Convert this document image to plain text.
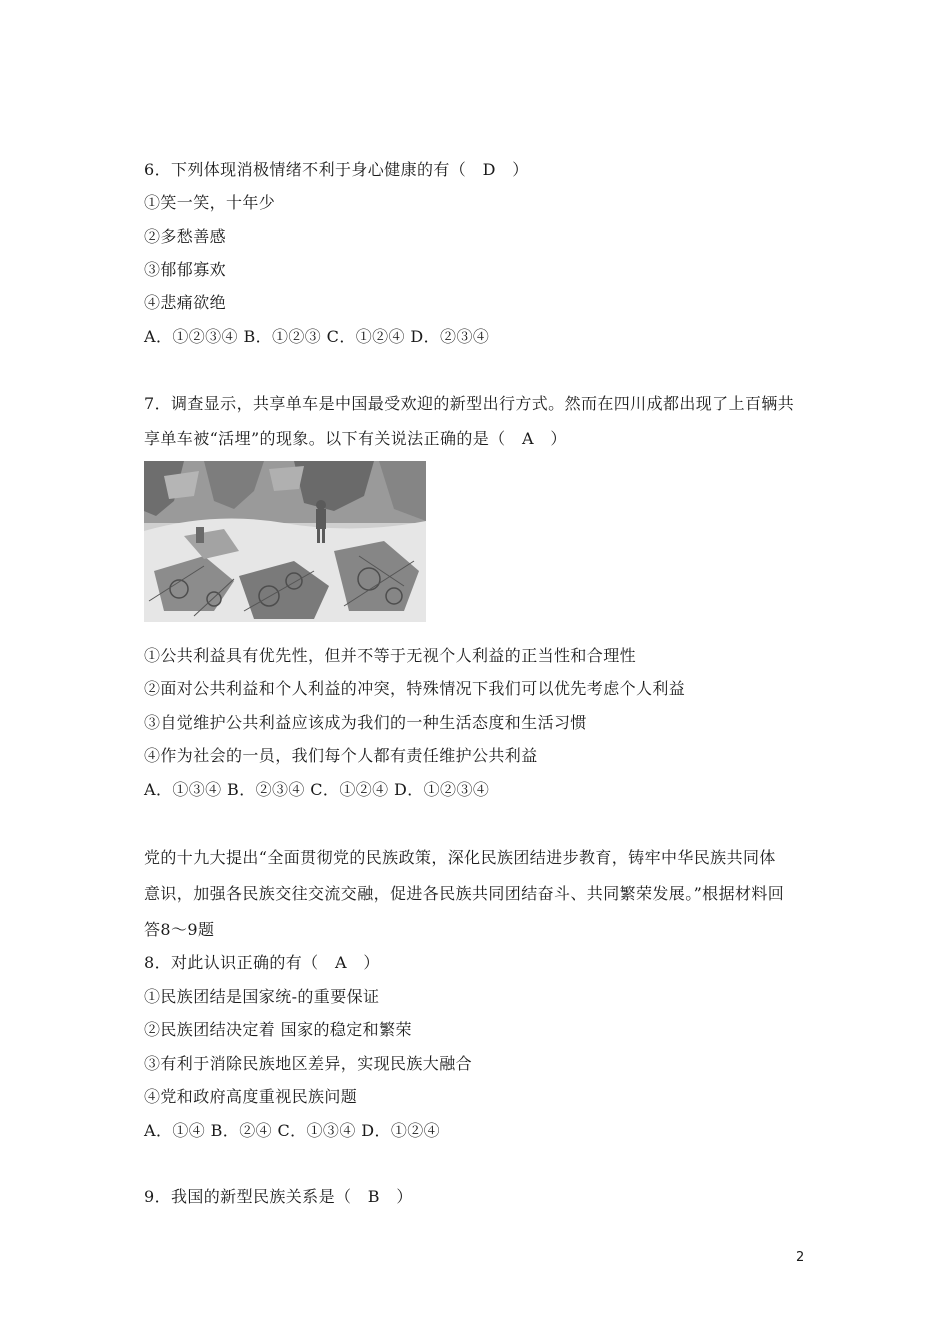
6．下列体现消极情绪不利于身心健康的有（　D　）
①笑一笑，十年少
②多愁善感
③郁郁寡欢
④悲痛欲绝
A．①②③④ B．①②③ C．①②④ D．②③④
7．调查显示，共享单车是中国最受欢迎的新型出行方式。然而在四川成都出现了上百辆共
享单车被“活埋”的现象。以下有关说法正确的是（　A　）
①公共利益具有优先性，但并不等于无视个人利益的正当性和合理性
②面对公共利益和个人利益的冲突，特殊情况下我们可以优先考虑个人利益
③自觉维护公共利益应该成为我们的一种生活态度和生活习惯
④作为社会的一员，我们每个人都有责任维护公共利益
A．①③④ B．②③④ C．①②④ D．①②③④
党的十九大提出“全面贯彻党的民族政策，深化民族团结进步教育，铸牢中华民族共同体
意识，加强各民族交往交流交融，促进各民族共同团结奋斗、共同繁荣发展。”根据材料回
答8～9题
8．对此认识正确的有（　A　）
①民族团结是国家统-的重要保证
②民族团结决定着 国家的稳定和繁荣
③有利于消除民族地区差异，实现民族大融合
④党和政府高度重视民族问题
A．①④ B．②④ C．①③④ D．①②④
9．我国的新型民族关系是（　B　）
2
